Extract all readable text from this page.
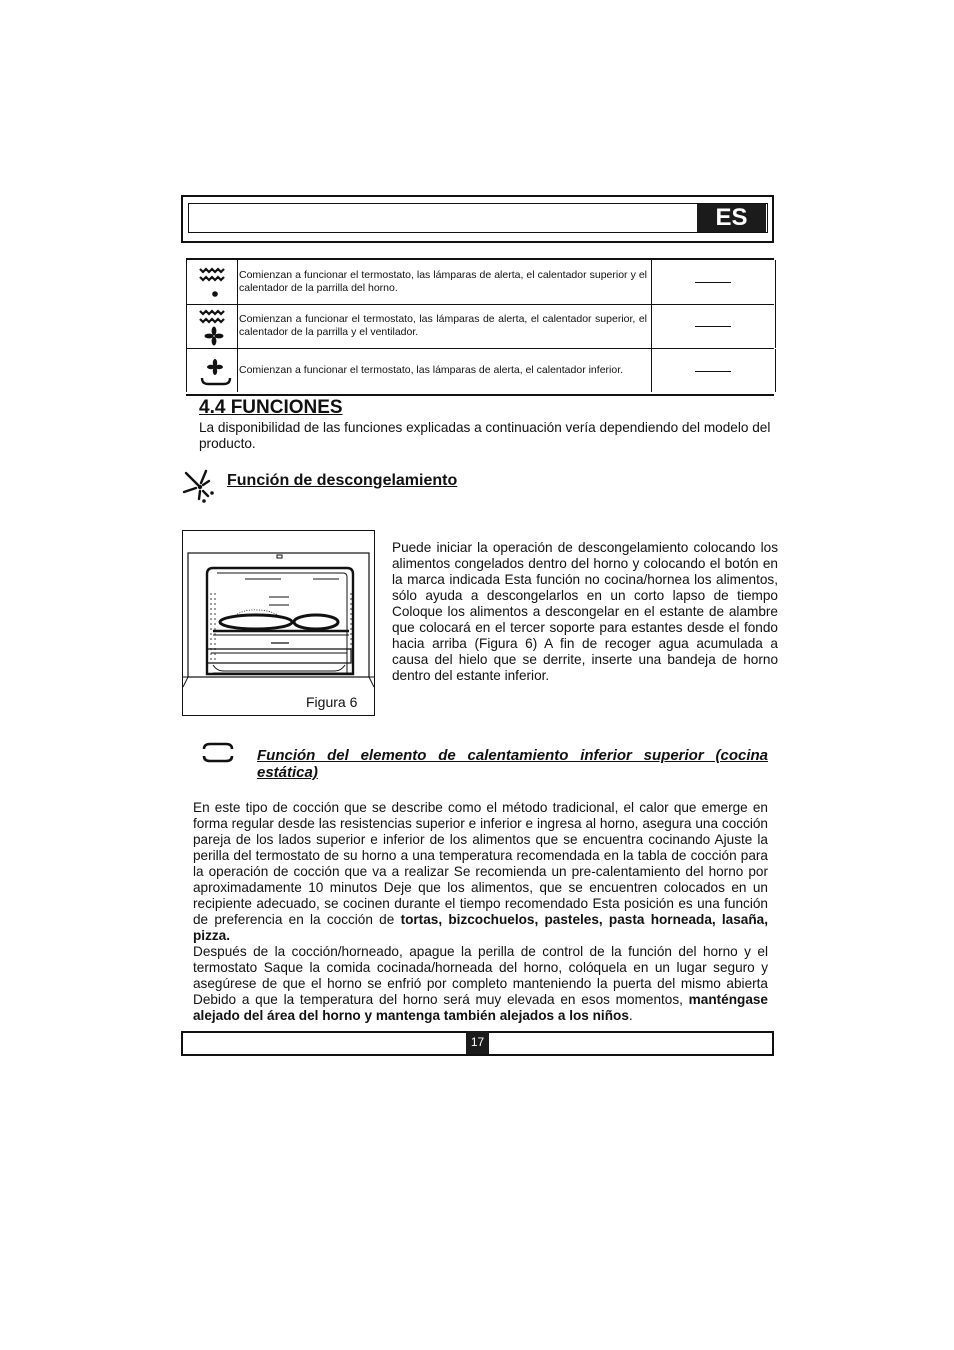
ES
Comienzan a funcionar el termostato, las lámparas de alerta, el calentador superior y el calentador de la parrilla del horno.
Comienzan a funcionar el termostato, las lámparas de alerta, el calentador superior, el calentador de la parrilla y el ventilador.
Comienzan a funcionar el termostato, las lámparas de alerta, el calentador inferior.
4.4 FUNCIONES
La disponibilidad de las funciones explicadas a continuación vería dependiendo del modelo del producto.
Función de descongelamiento
Figura 6
Puede iniciar la operación de descongelamiento colocando los alimentos congelados dentro del horno y colocando el botón en la marca indicada Esta función no cocina/hornea los alimentos, sólo ayuda a descongelarlos en un corto lapso de tiempo Coloque los alimentos a descongelar en el estante de alambre que colocará en el tercer soporte para estantes desde el fondo hacia arriba (Figura 6) A fin de recoger agua acumulada a causa del hielo que se derrite, inserte una bandeja de horno dentro del estante inferior.
Función del elemento de calentamiento inferior superior (cocina estática)
En este tipo de cocción que se describe como el método tradicional, el calor que emerge en forma regular desde las resistencias superior e inferior e ingresa al horno, asegura una cocción pareja de los lados superior e inferior de los alimentos que se encuentra cocinando Ajuste la perilla del termostato de su horno a una temperatura recomendada en la tabla de cocción para la operación de cocción que va a realizar Se recomienda un pre-calentamiento del horno por aproximadamente 10 minutos Deje que los alimentos, que se encuentren colocados en un recipiente adecuado, se cocinen durante el tiempo recomendado Esta posición es una función de preferencia en la cocción de tortas, bizcochuelos, pasteles, pasta horneada, lasaña, pizza.
Después de la cocción/horneado, apague la perilla de control de la función del horno y el termostato Saque la comida cocinada/horneada del horno, colóquela en un lugar seguro y asegúrese de que el horno se enfrió por completo manteniendo la puerta del mismo abierta Debido a que la temperatura del horno será muy elevada en esos momentos, manténgase alejado del área del horno y mantenga también alejados a los niños.
17
